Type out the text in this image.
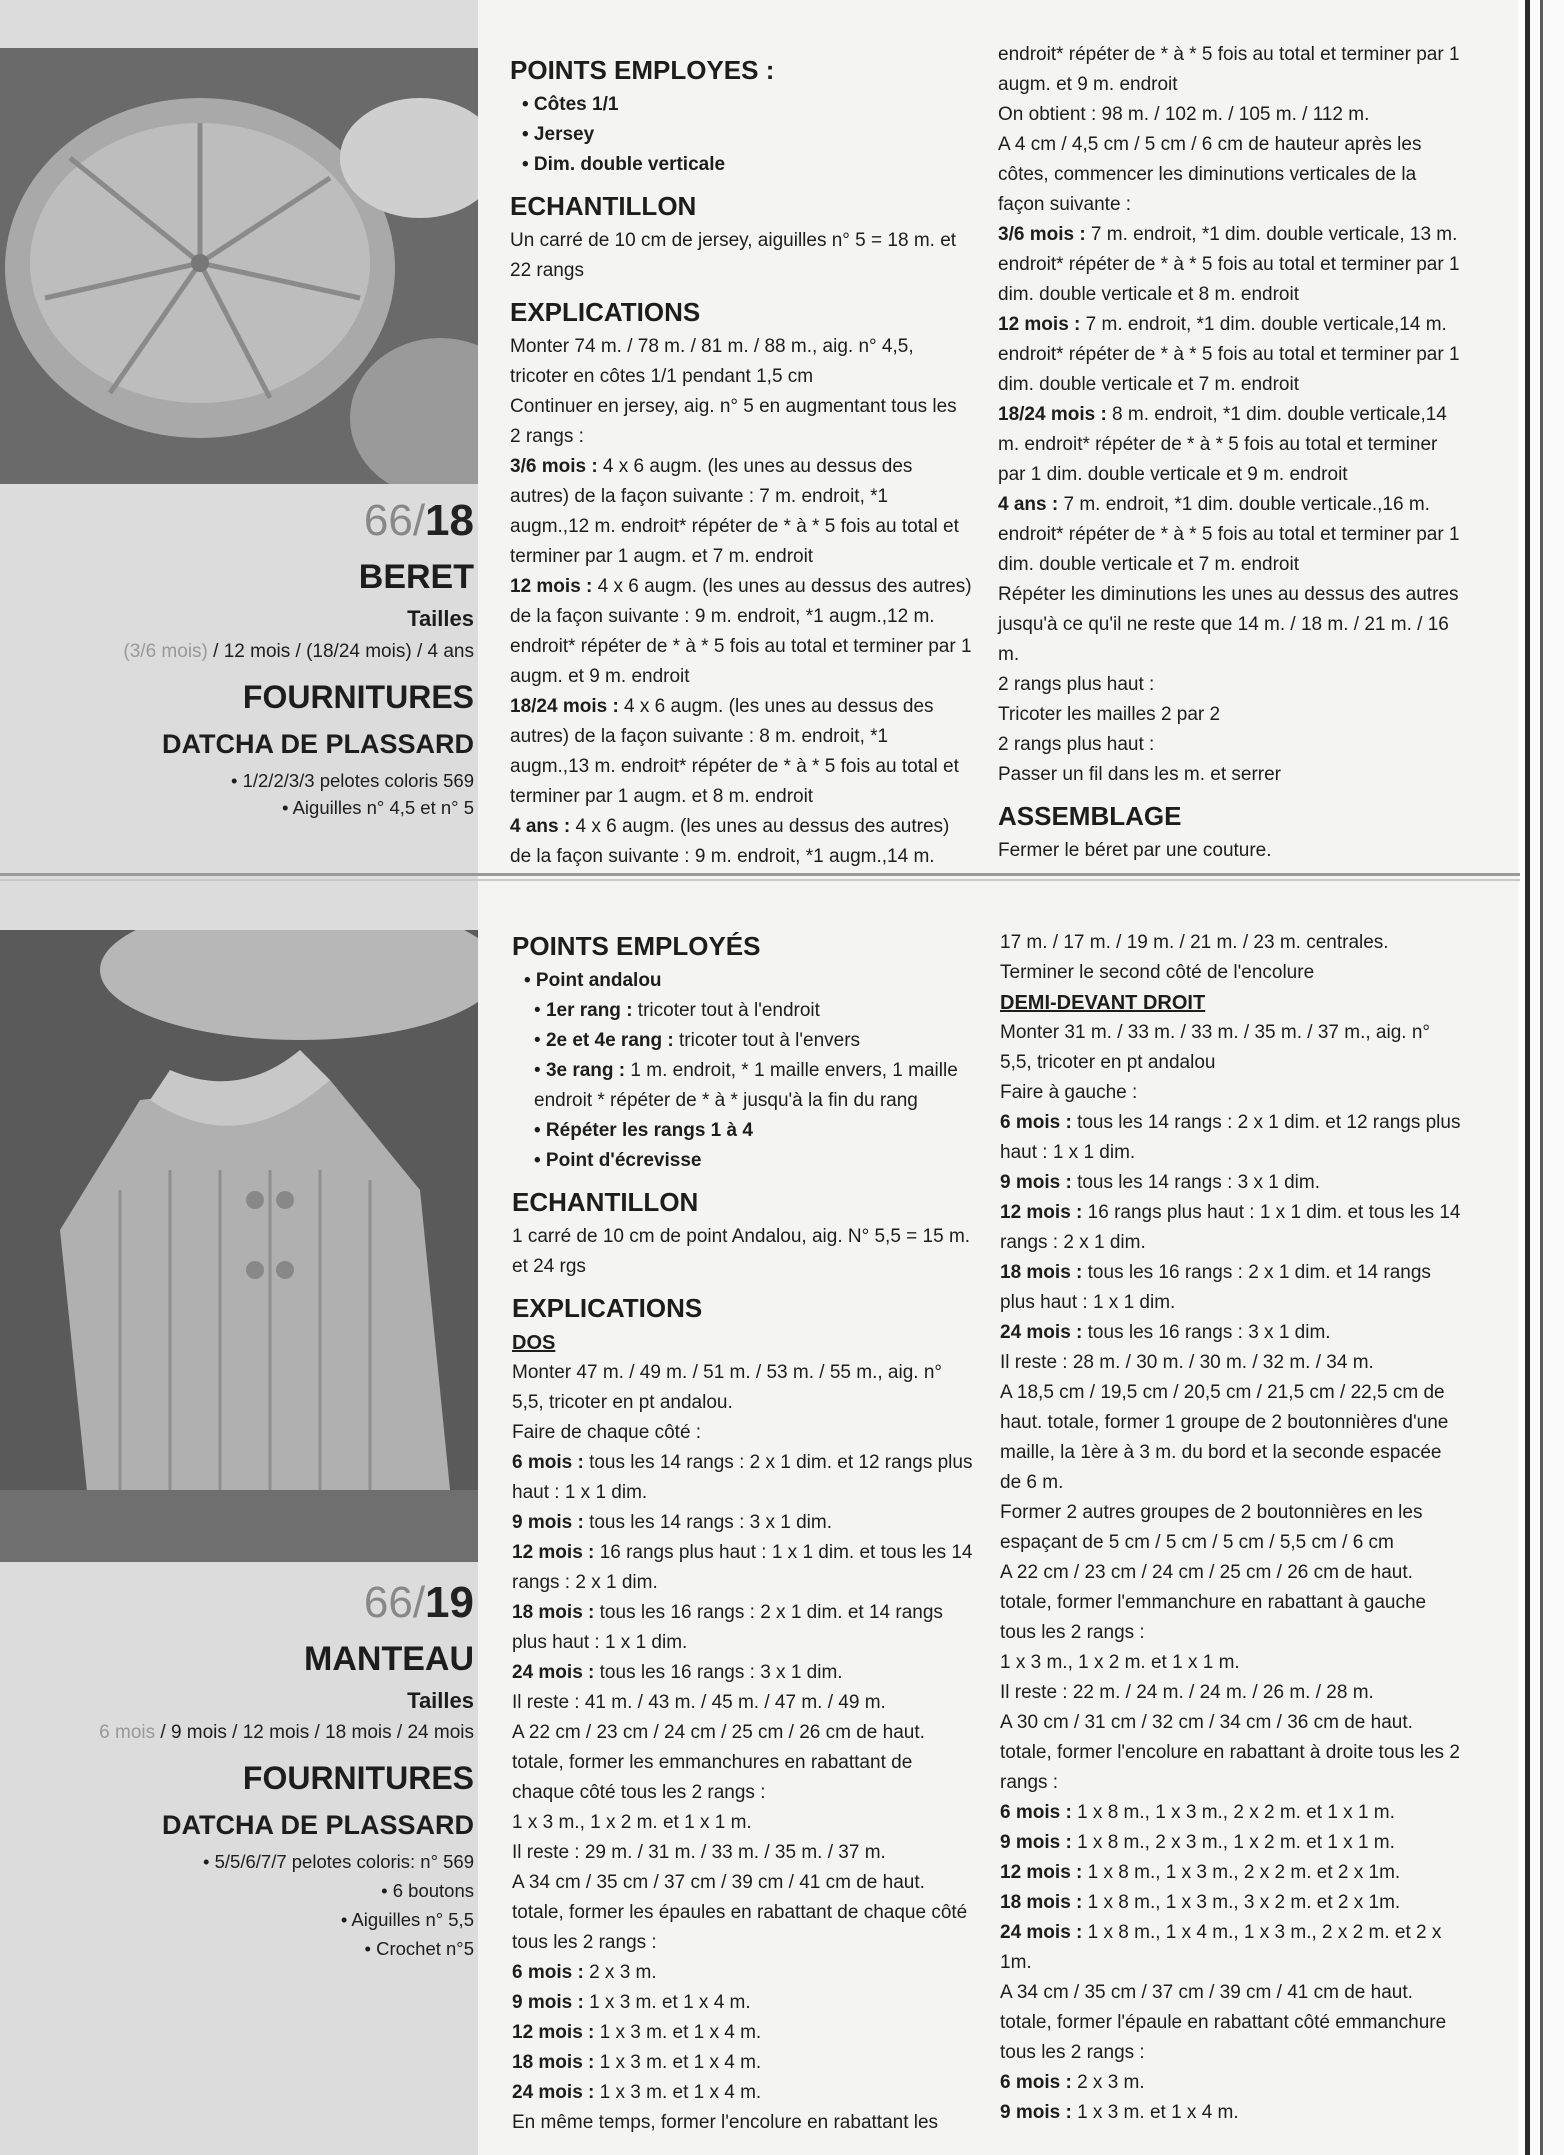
66/18
BERET
Tailles
(3/6 mois) / 12 mois / (18/24 mois) / 4 ans
FOURNITURES
DATCHA DE PLASSARD
• 1/2/2/3/3 pelotes coloris 569
• Aiguilles n° 4,5 et n° 5
POINTS EMPLOYES :
• Côtes 1/1
• Jersey
• Dim. double verticale
ECHANTILLON

Un carré de 10 cm de jersey, aiguilles n° 5 = 18 m. et 22 rangs

EXPLICATIONS

Monter 74 m. / 78 m. / 81 m. / 88 m., aig. n° 4,5, tricoter en côtes 1/1 pendant 1,5 cm

Continuer en jersey, aig. n° 5 en augmentant tous les 2 rangs :

3/6 mois : 4 x 6 augm. (les unes au dessus des autres) de la façon suivante : 7 m. endroit, *1 augm.,12 m. endroit* répéter de * à * 5 fois au total et terminer par 1 augm. et 7 m. endroit

12 mois : 4 x 6 augm. (les unes au dessus des autres) de la façon suivante : 9 m. endroit, *1 augm.,12 m. endroit* répéter de * à * 5 fois au total et terminer par 1 augm. et 9 m. endroit

18/24 mois : 4 x 6 augm. (les unes au dessus des autres) de la façon suivante : 8 m. endroit, *1 augm.,13 m. endroit* répéter de * à * 5 fois au total et terminer par 1 augm. et 8 m. endroit

4 ans : 4 x 6 augm. (les unes au dessus des autres) de la façon suivante : 9 m. endroit, *1 augm.,14 m.

endroit* répéter de * à * 5 fois au total et terminer par 1 augm. et 9 m. endroit

On obtient : 98 m. / 102 m. / 105 m. / 112 m.

A 4 cm / 4,5 cm / 5 cm / 6 cm de hauteur après les côtes, commencer les diminutions verticales de la façon suivante :

3/6 mois : 7 m. endroit, *1 dim. double verticale, 13 m. endroit* répéter de * à * 5 fois au total et terminer par 1 dim. double verticale et 8 m. endroit

12 mois : 7 m. endroit, *1 dim. double verticale,14 m. endroit* répéter de * à * 5 fois au total et terminer par 1 dim. double verticale et 7 m. endroit

18/24 mois : 8 m. endroit, *1 dim. double verticale,14 m. endroit* répéter de * à * 5 fois au total et terminer par 1 dim. double verticale et 9 m. endroit

4 ans : 7 m. endroit, *1 dim. double verticale.,16 m. endroit* répéter de * à * 5 fois au total et terminer par 1 dim. double verticale et 7 m. endroit

Répéter les diminutions les unes au dessus des autres jusqu'à ce qu'il ne reste que 14 m. / 18 m. / 21 m. / 16 m.

2 rangs plus haut :

Tricoter les mailles 2 par 2

2 rangs plus haut :

Passer un fil dans les m. et serrer

ASSEMBLAGE

Fermer le béret par une couture.

66/19
MANTEAU
Tailles
6 mois / 9 mois / 12 mois / 18 mois / 24 mois
FOURNITURES
DATCHA DE PLASSARD
• 5/5/6/7/7 pelotes coloris: n° 569
• 6 boutons
• Aiguilles n° 5,5
• Crochet n°5
POINTS EMPLOYÉS
• Point andalou
• 1er rang : tricoter tout à l'endroit
• 2e et 4e rang : tricoter tout à l'envers
• 3e rang : 1 m. endroit, * 1 maille envers, 1 maille endroit * répéter de * à * jusqu'à la fin du rang
• Répéter les rangs 1 à 4
• Point d'écrevisse
ECHANTILLON

1 carré de 10 cm de point Andalou, aig. N° 5,5 = 15 m. et 24 rgs

EXPLICATIONS
DOS

Monter 47 m. / 49 m. / 51 m. / 53 m. / 55 m., aig. n° 5,5, tricoter en pt andalou.

Faire de chaque côté :

6 mois : tous les 14 rangs : 2 x 1 dim. et 12 rangs plus haut : 1 x 1 dim.

9 mois : tous les 14 rangs : 3 x 1 dim.

12 mois : 16 rangs plus haut : 1 x 1 dim. et tous les 14 rangs : 2 x 1 dim.

18 mois : tous les 16 rangs : 2 x 1 dim. et 14 rangs plus haut : 1 x 1 dim.

24 mois : tous les 16 rangs : 3 x 1 dim.

Il reste : 41 m. / 43 m. / 45 m. / 47 m. / 49 m.

A 22 cm / 23 cm / 24 cm / 25 cm / 26 cm de haut. totale, former les emmanchures en rabattant de chaque côté tous les 2 rangs :

1 x 3 m., 1 x 2 m. et 1 x 1 m.

Il reste : 29 m. / 31 m. / 33 m. / 35 m. / 37 m.

A 34 cm / 35 cm / 37 cm / 39 cm / 41 cm de haut. totale, former les épaules en rabattant de chaque côté tous les 2 rangs :

6 mois : 2 x 3 m.

9 mois : 1 x 3 m. et 1 x 4 m.

12 mois : 1 x 3 m. et 1 x 4 m.

18 mois : 1 x 3 m. et 1 x 4 m.

24 mois : 1 x 3 m. et 1 x 4 m.

En même temps, former l'encolure en rabattant les

17 m. / 17 m. / 19 m. / 21 m. / 23 m. centrales.

Terminer le second côté de l'encolure

DEMI-DEVANT DROIT

Monter 31 m. / 33 m. / 33 m. / 35 m. / 37 m., aig. n° 5,5, tricoter en pt andalou

Faire à gauche :

6 mois : tous les 14 rangs : 2 x 1 dim. et 12 rangs plus haut : 1 x 1 dim.

9 mois : tous les 14 rangs : 3 x 1 dim.

12 mois : 16 rangs plus haut : 1 x 1 dim. et tous les 14 rangs : 2 x 1 dim.

18 mois : tous les 16 rangs : 2 x 1 dim. et 14 rangs plus haut : 1 x 1 dim.

24 mois : tous les 16 rangs : 3 x 1 dim.

Il reste : 28 m. / 30 m. / 30 m. / 32 m. / 34 m.

A 18,5 cm / 19,5 cm / 20,5 cm / 21,5 cm / 22,5 cm de haut. totale, former 1 groupe de 2 boutonnières d'une maille, la 1ère à 3 m. du bord et la seconde espacée de 6 m.

Former 2 autres groupes de 2 boutonnières en les espaçant de 5 cm / 5 cm / 5 cm / 5,5 cm / 6 cm

A 22 cm / 23 cm / 24 cm / 25 cm / 26 cm de haut. totale, former l'emmanchure en rabattant à gauche tous les 2 rangs :

1 x 3 m., 1 x 2 m. et 1 x 1 m.

Il reste : 22 m. / 24 m. / 24 m. / 26 m. / 28 m.

A 30 cm / 31 cm / 32 cm / 34 cm / 36 cm de haut. totale, former l'encolure en rabattant à droite tous les 2 rangs :

6 mois : 1 x 8 m., 1 x 3 m., 2 x 2 m. et 1 x 1 m.

9 mois : 1 x 8 m., 2 x 3 m., 1 x 2 m. et 1 x 1 m.

12 mois : 1 x 8 m., 1 x 3 m., 2 x 2 m. et 2 x 1m.

18 mois : 1 x 8 m., 1 x 3 m., 3 x 2 m. et 2 x 1m.

24 mois : 1 x 8 m., 1 x 4 m., 1 x 3 m., 2 x 2 m. et 2 x 1m.

A 34 cm / 35 cm / 37 cm / 39 cm / 41 cm de haut. totale, former l'épaule en rabattant côté emmanchure tous les 2 rangs :

6 mois : 2 x 3 m.

9 mois : 1 x 3 m. et 1 x 4 m.
